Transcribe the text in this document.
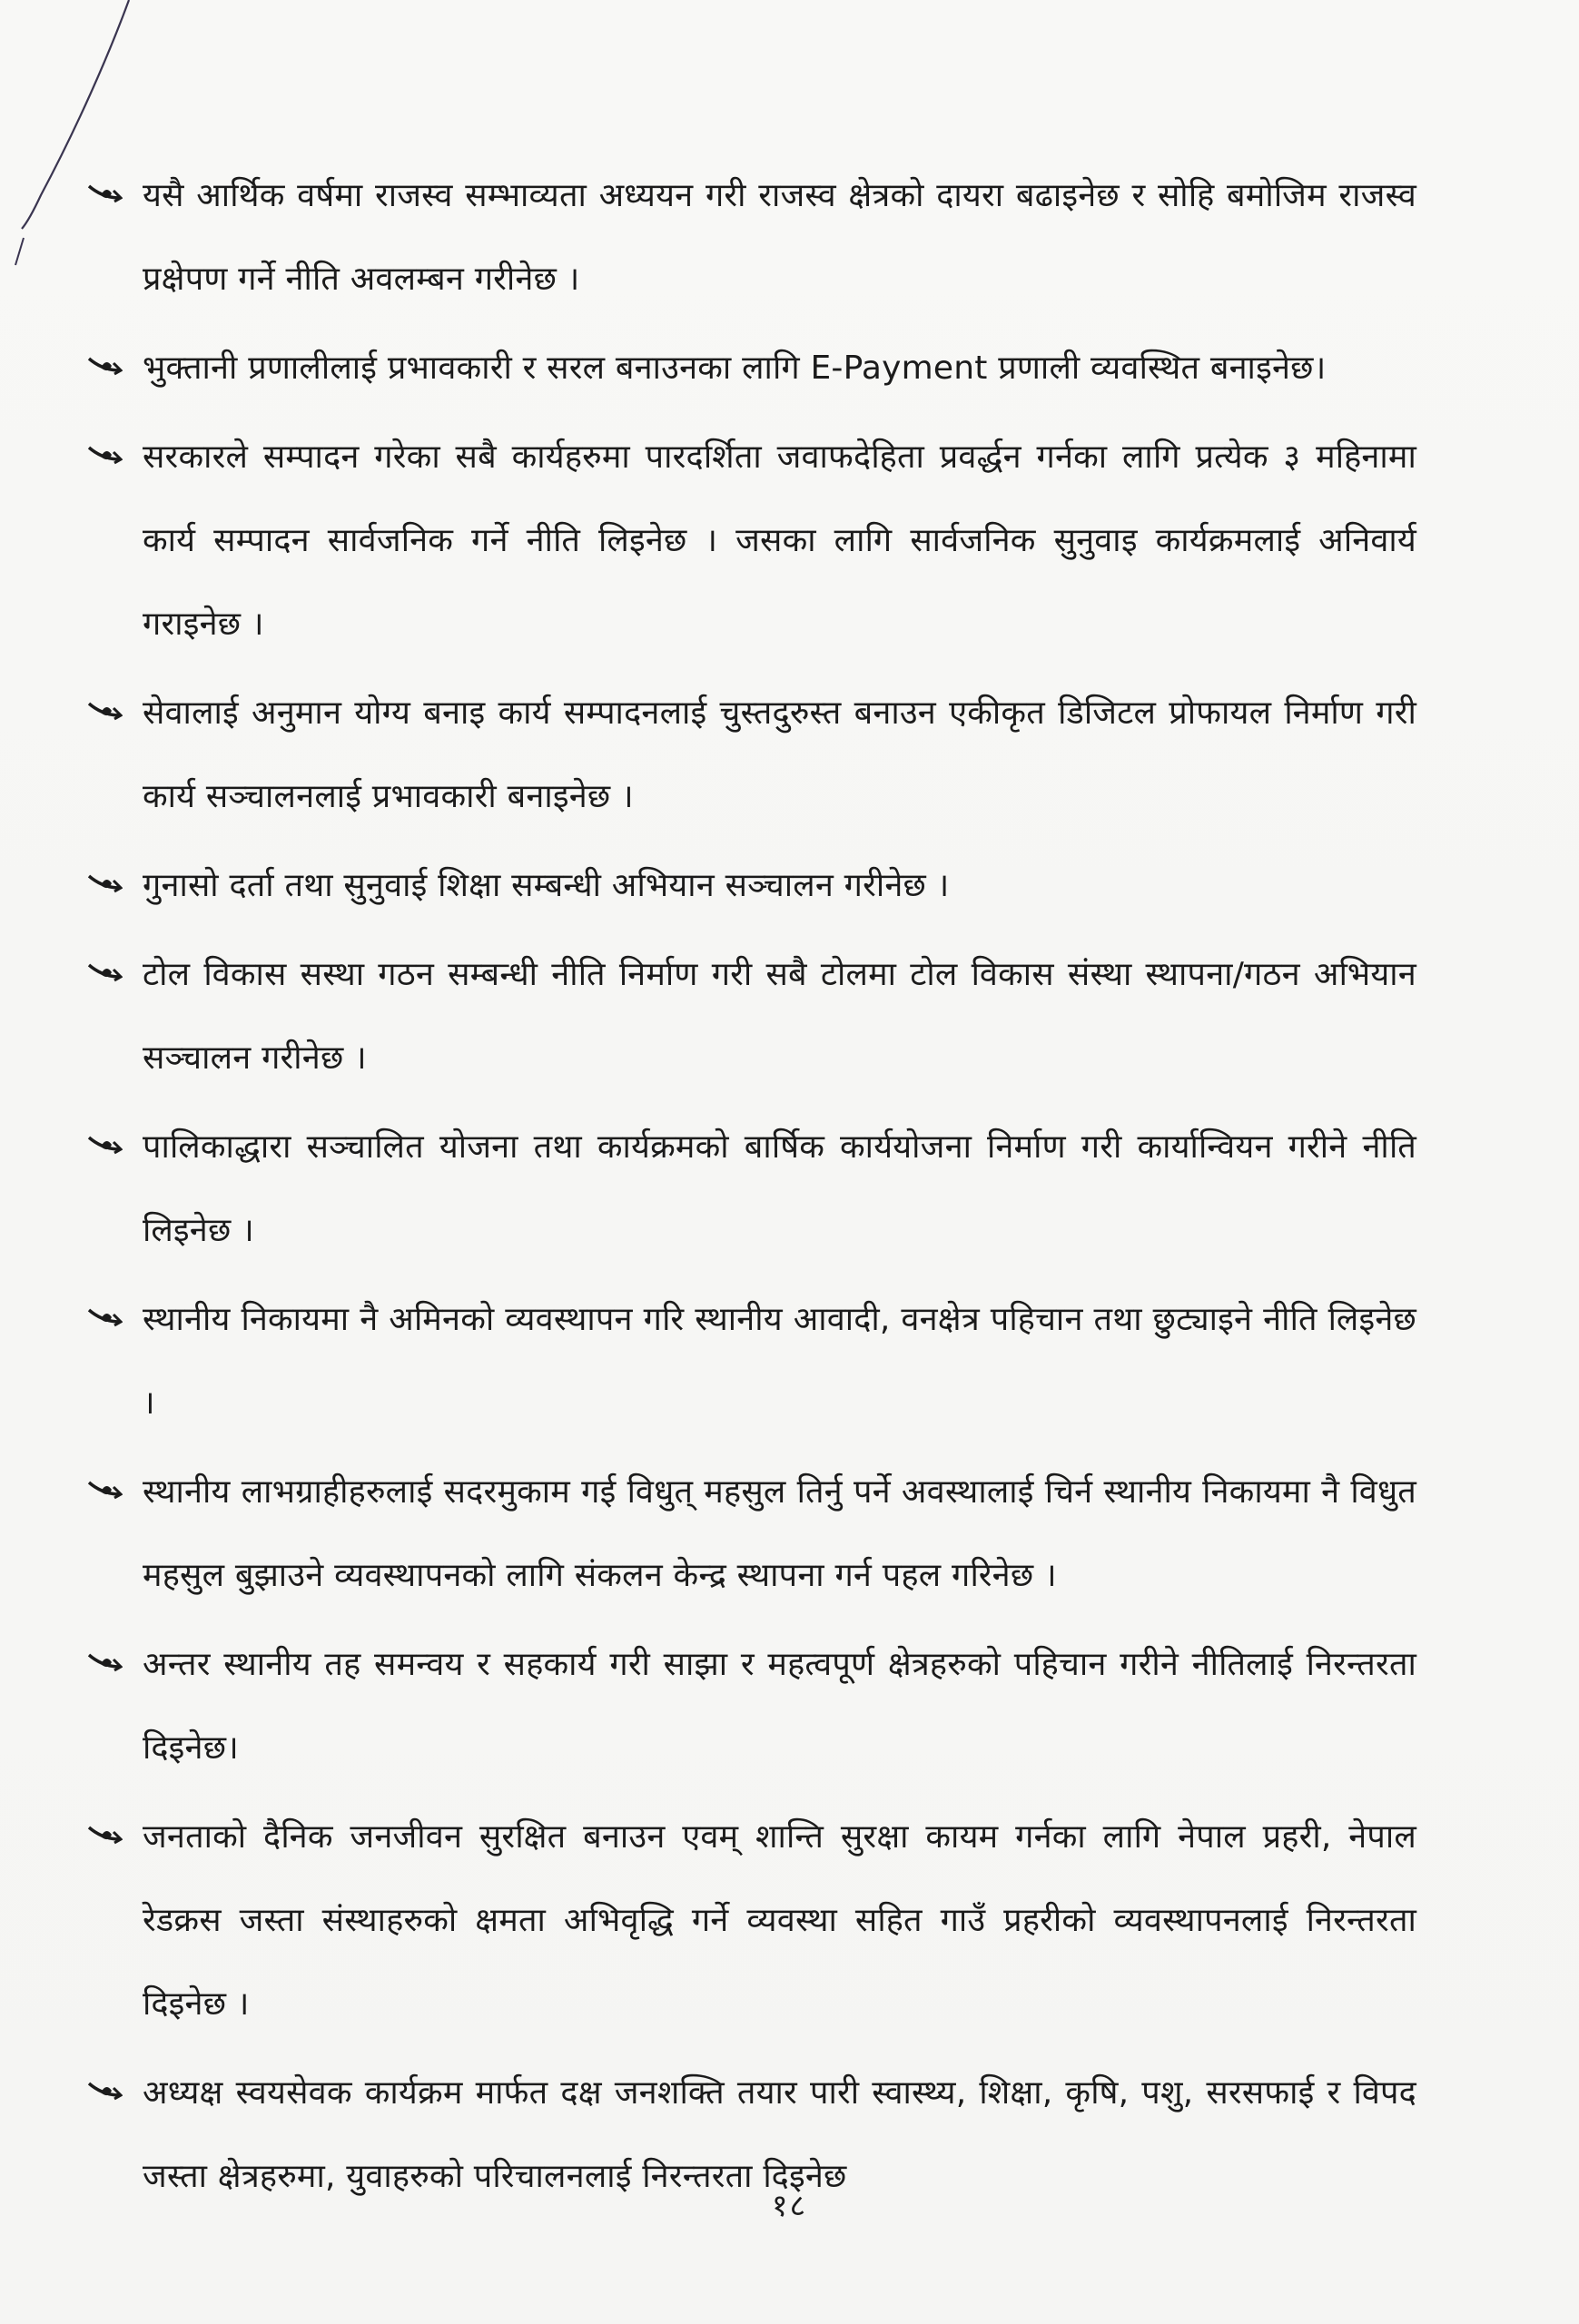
यसै आर्थिक वर्षमा राजस्व सम्भाव्यता अध्ययन गरी राजस्व क्षेत्रको दायरा बढाइनेछ र सोहि बमोजिम राजस्व प्रक्षेपण गर्ने नीति अवलम्बन गरीनेछ ।
भुक्तानी प्रणालीलाई प्रभावकारी र सरल बनाउनका लागि E-Payment प्रणाली व्यवस्थित बनाइनेछ।
सरकारले सम्पादन गरेका सबै कार्यहरुमा पारदर्शिता जवाफदेहिता प्रवर्द्धन गर्नका लागि प्रत्येक ३ महिनामा कार्य सम्पादन सार्वजनिक गर्ने नीति लिइनेछ । जसका लागि सार्वजनिक सुनुवाइ कार्यक्रमलाई अनिवार्य गराइनेछ ।
सेवालाई अनुमान योग्य बनाइ कार्य सम्पादनलाई चुस्तदुरुस्त बनाउन एकीकृत डिजिटल प्रोफायल निर्माण गरी कार्य सञ्चालनलाई प्रभावकारी बनाइनेछ ।
गुनासो दर्ता तथा सुनुवाई शिक्षा सम्बन्धी अभियान सञ्चालन गरीनेछ ।
टोल विकास सस्था गठन सम्बन्धी नीति निर्माण गरी सबै टोलमा टोल विकास संस्था स्थापना/गठन अभियान सञ्चालन गरीनेछ ।
पालिकाद्धारा सञ्चालित योजना तथा कार्यक्रमको बार्षिक कार्ययोजना निर्माण गरी कार्यान्वियन गरीने नीति लिइनेछ ।
स्थानीय निकायमा नै अमिनको व्यवस्थापन गरि स्थानीय आवादी, वनक्षेत्र पहिचान तथा छुट्याइने नीति लिइनेछ ।
स्थानीय लाभग्राहीहरुलाई सदरमुकाम गई विधुत् महसुल तिर्नु पर्ने अवस्थालाई चिर्न स्थानीय निकायमा नै विधुत महसुल बुझाउने व्यवस्थापनको लागि संकलन केन्द्र स्थापना गर्न पहल गरिनेछ ।
अन्तर स्थानीय तह समन्वय र सहकार्य गरी साझा र महत्वपूर्ण क्षेत्रहरुको पहिचान गरीने नीतिलाई निरन्तरता दिइनेछ।
जनताको दैनिक जनजीवन सुरक्षित बनाउन एवम् शान्ति सुरक्षा कायम गर्नका लागि नेपाल प्रहरी, नेपाल रेडक्रस जस्ता संस्थाहरुको क्षमता अभिवृद्धि गर्ने व्यवस्था सहित गाउँ प्रहरीको व्यवस्थापनलाई निरन्तरता दिइनेछ ।
अध्यक्ष स्वयसेवक कार्यक्रम मार्फत दक्ष जनशक्ति तयार पारी स्वास्थ्य, शिक्षा, कृषि, पशु, सरसफाई र विपद जस्ता क्षेत्रहरुमा, युवाहरुको परिचालनलाई निरन्तरता दिइनेछ
१८
